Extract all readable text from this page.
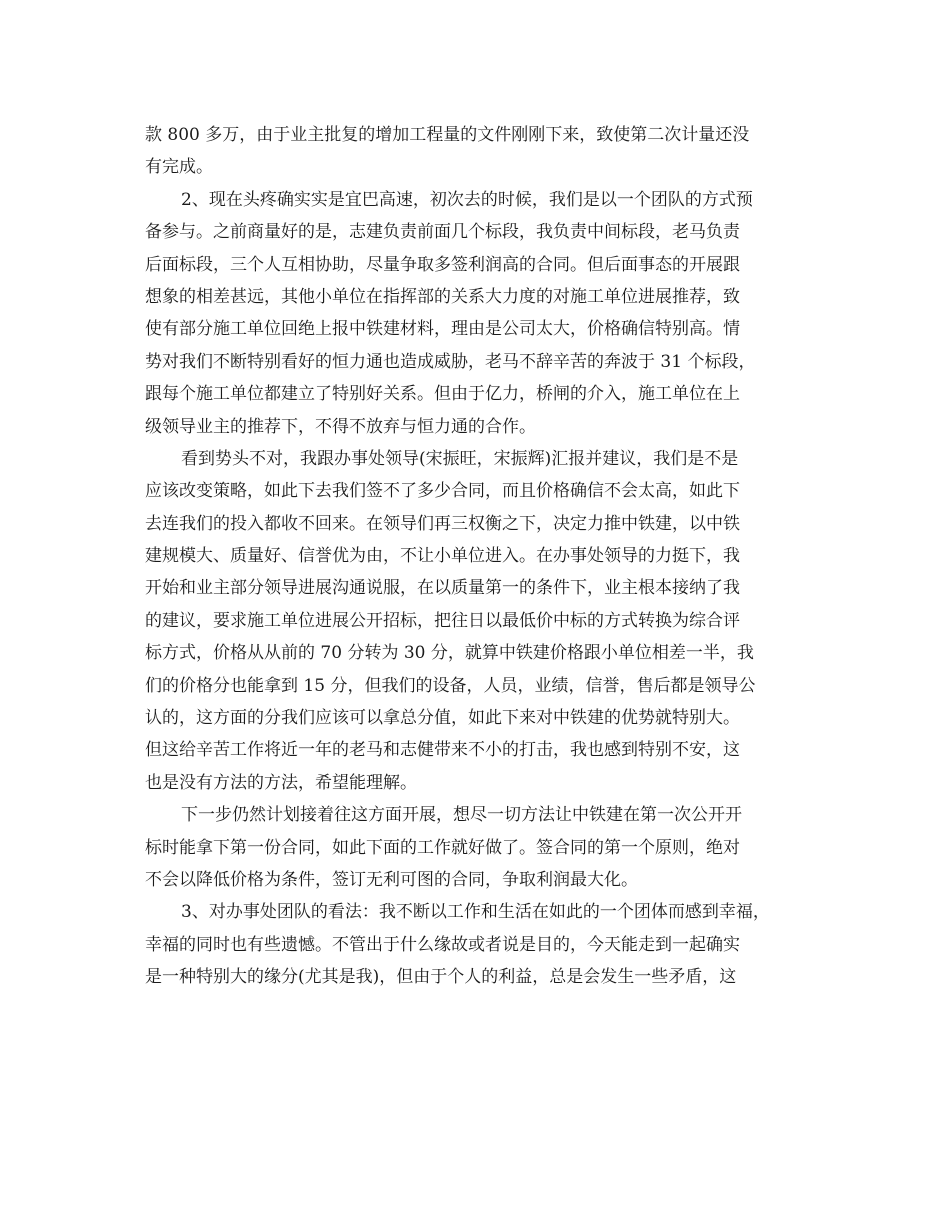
款 800 多万，由于业主批复的增加工程量的文件刚刚下来，致使第二次计量还没
有完成。
2、现在头疼确实实是宜巴高速，初次去的时候，我们是以一个团队的方式预
备参与。之前商量好的是，志建负责前面几个标段，我负责中间标段，老马负责
后面标段，三个人互相协助，尽量争取多签利润高的合同。但后面事态的开展跟
想象的相差甚远，其他小单位在指挥部的关系大力度的对施工单位进展推荐，致
使有部分施工单位回绝上报中铁建材料，理由是公司太大，价格确信特别高。情
势对我们不断特别看好的恒力通也造成威胁，老马不辞辛苦的奔波于 31 个标段，
跟每个施工单位都建立了特别好关系。但由于亿力，桥闸的介入，施工单位在上
级领导业主的推荐下，不得不放弃与恒力通的合作。
看到势头不对，我跟办事处领导(宋振旺，宋振辉)汇报并建议，我们是不是
应该改变策略，如此下去我们签不了多少合同，而且价格确信不会太高，如此下
去连我们的投入都收不回来。在领导们再三权衡之下，决定力推中铁建，以中铁
建规模大、质量好、信誉优为由，不让小单位进入。在办事处领导的力挺下，我
开始和业主部分领导进展沟通说服，在以质量第一的条件下，业主根本接纳了我
的建议，要求施工单位进展公开招标，把往日以最低价中标的方式转换为综合评
标方式，价格从从前的 70 分转为 30 分，就算中铁建价格跟小单位相差一半，我
们的价格分也能拿到 15 分，但我们的设备，人员，业绩，信誉，售后都是领导公
认的，这方面的分我们应该可以拿总分值，如此下来对中铁建的优势就特别大。
但这给辛苦工作将近一年的老马和志健带来不小的打击，我也感到特别不安，这
也是没有方法的方法，希望能理解。
下一步仍然计划接着往这方面开展，想尽一切方法让中铁建在第一次公开开
标时能拿下第一份合同，如此下面的工作就好做了。签合同的第一个原则，绝对
不会以降低价格为条件，签订无利可图的合同，争取利润最大化。
3、对办事处团队的看法：我不断以工作和生活在如此的一个团体而感到幸福，
幸福的同时也有些遗憾。不管出于什么缘故或者说是目的，今天能走到一起确实
是一种特别大的缘分(尤其是我)，但由于个人的利益，总是会发生一些矛盾，这
